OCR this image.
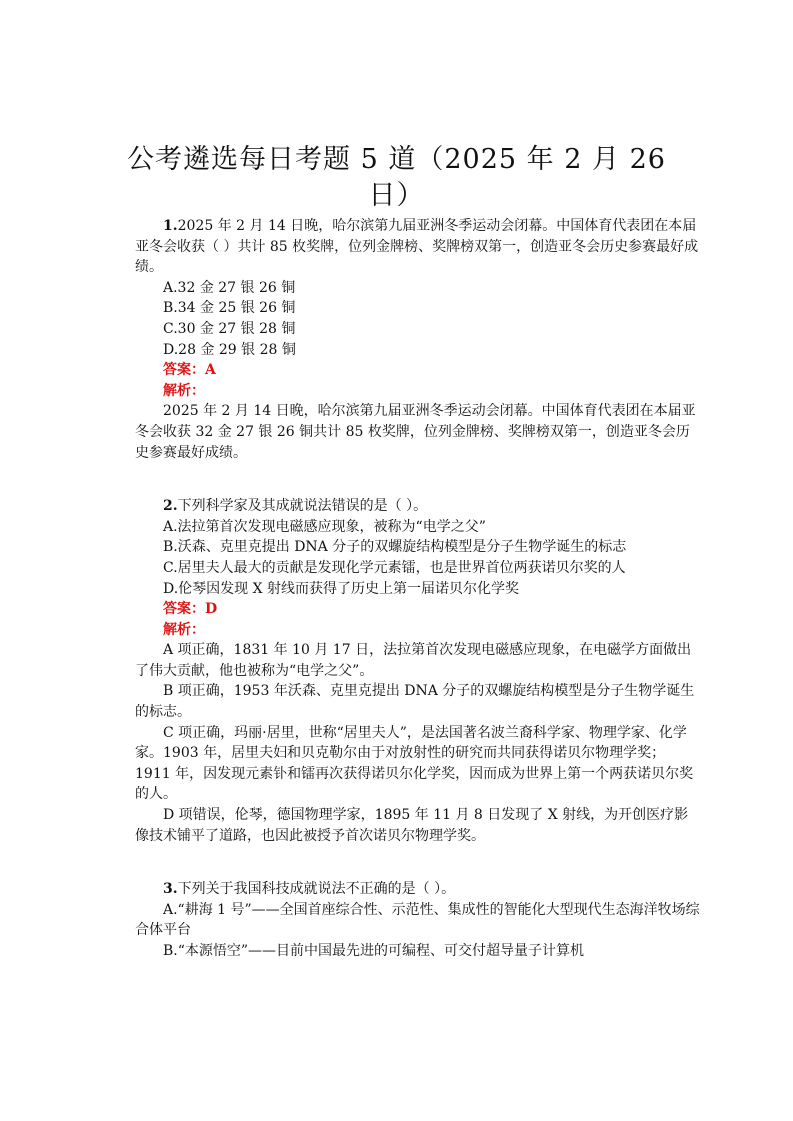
公考遴选每日考题 5 道（2025 年 2 月 26 日）

1.2025 年 2 月 14 日晚，哈尔滨第九届亚洲冬季运动会闭幕。中国体育代表团在本届亚冬会收获（ ）共计 85 枚奖牌，位列金牌榜、奖牌榜双第一，创造亚冬会历史参赛最好成绩。

A.32 金 27 银 26 铜

B.34 金 25 银 26 铜

C.30 金 27 银 28 铜

D.28 金 29 银 28 铜

答案：A

解析：

2025 年 2 月 14 日晚，哈尔滨第九届亚洲冬季运动会闭幕。中国体育代表团在本届亚冬会收获 32 金 27 银 26 铜共计 85 枚奖牌，位列金牌榜、奖牌榜双第一，创造亚冬会历史参赛最好成绩。

2.下列科学家及其成就说法错误的是（ ）。

A.法拉第首次发现电磁感应现象，被称为“电学之父”

B.沃森、克里克提出 DNA 分子的双螺旋结构模型是分子生物学诞生的标志

C.居里夫人最大的贡献是发现化学元素镭，也是世界首位两获诺贝尔奖的人

D.伦琴因发现 X 射线而获得了历史上第一届诺贝尔化学奖

答案：D

解析：

A 项正确，1831 年 10 月 17 日，法拉第首次发现电磁感应现象，在电磁学方面做出了伟大贡献，他也被称为“电学之父”。

B 项正确，1953 年沃森、克里克提出 DNA 分子的双螺旋结构模型是分子生物学诞生的标志。

C 项正确，玛丽·居里，世称“居里夫人”，是法国著名波兰裔科学家、物理学家、化学家。1903 年，居里夫妇和贝克勒尔由于对放射性的研究而共同获得诺贝尔物理学奖；1911 年，因发现元素钋和镭再次获得诺贝尔化学奖，因而成为世界上第一个两获诺贝尔奖的人。

D 项错误，伦琴，德国物理学家，1895 年 11 月 8 日发现了 X 射线，为开创医疗影像技术铺平了道路，也因此被授予首次诺贝尔物理学奖。

3.下列关于我国科技成就说法不正确的是（ ）。

A.“耕海 1 号”——全国首座综合性、示范性、集成性的智能化大型现代生态海洋牧场综合体平台

B.“本源悟空”——目前中国最先进的可编程、可交付超导量子计算机
